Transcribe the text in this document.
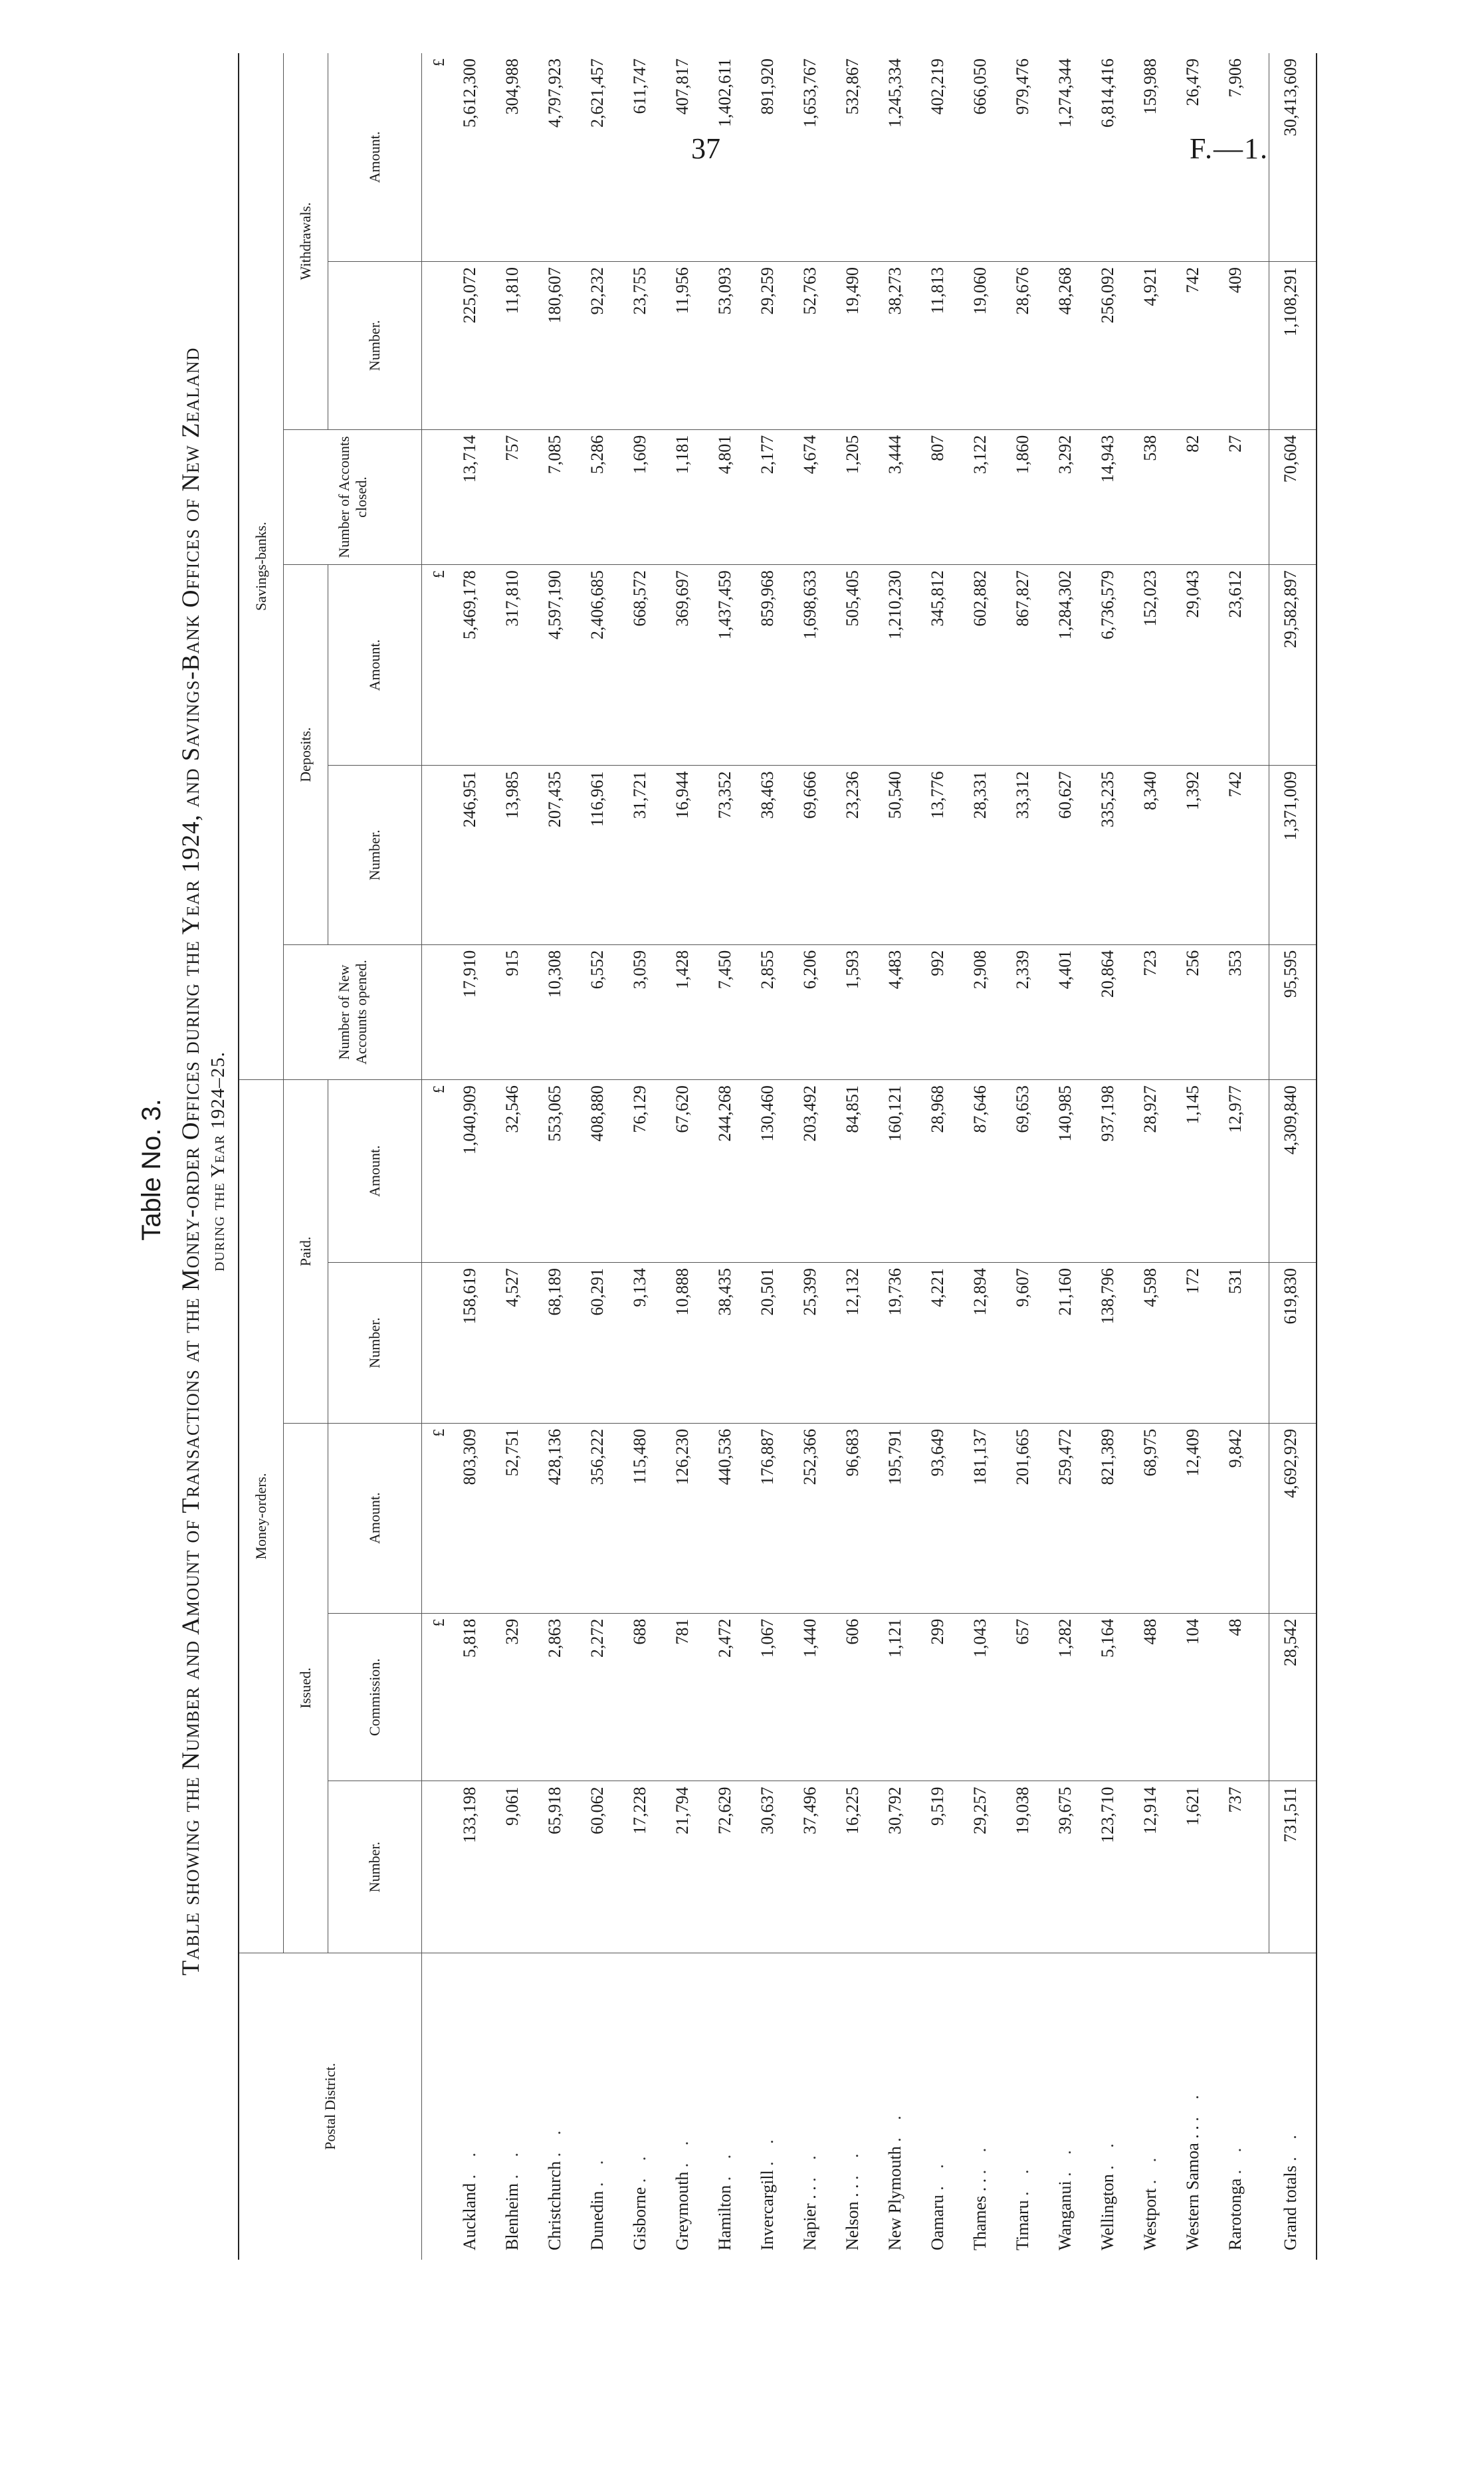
37	F.—1.
Table No. 3. Table showing the Number and Amount of Transactions at the Money-order Offices during the Year 1924, and Savings-Bank Offices of New Zealand during the Year 1924–25.
Postal District.	Money-orders.					Savings-banks.					
	Issued.			Paid.		Number of New Accounts opened.	Deposits.		Number of Accounts closed.	Withdrawals.	
	Number.	Commission.	Amount.	Number.	Amount.		Number.	Amount.		Number.	Amount.
		£	£		£			£			£
Auckland . .	133,198	5,818	803,309	158,619	1,040,909	17,910	246,951	5,469,178	13,714	225,072	5,612,300
Blenheim . .	9,061	329	52,751	4,527	32,546	915	13,985	317,810	757	11,810	304,988
Christchurch . .	65,918	2,863	428,136	68,189	553,065	10,308	207,435	4,597,190	7,085	180,607	4,797,923
Dunedin . .	60,062	2,272	356,222	60,291	408,880	6,552	116,961	2,406,685	5,286	92,232	2,621,457
Gisborne . .	17,228	688	115,480	9,134	76,129	3,059	31,721	668,572	1,609	23,755	611,747
Greymouth . .	21,794	781	126,230	10,888	67,620	1,428	16,944	369,697	1,181	11,956	407,817
Hamilton . .	72,629	2,472	440,536	38,435	244,268	7,450	73,352	1,437,459	4,801	53,093	1,402,611
Invercargill . .	30,637	1,067	176,887	20,501	130,460	2,855	38,463	859,968	2,177	29,259	891,920
Napier . . . .	37,496	1,440	252,366	25,399	203,492	6,206	69,666	1,698,633	4,674	52,763	1,653,767
Nelson . . . .	16,225	606	96,683	12,132	84,851	1,593	23,236	505,405	1,205	19,490	532,867
New Plymouth . .	30,792	1,121	195,791	19,736	160,121	4,483	50,540	1,210,230	3,444	38,273	1,245,334
Oamaru . .	9,519	299	93,649	4,221	28,968	992	13,776	345,812	807	11,813	402,219
Thames . . . .	29,257	1,043	181,137	12,894	87,646	2,908	28,331	602,882	3,122	19,060	666,050
Timaru . .	19,038	657	201,665	9,607	69,653	2,339	33,312	867,827	1,860	28,676	979,476
Wanganui . .	39,675	1,282	259,472	21,160	140,985	4,401	60,627	1,284,302	3,292	48,268	1,274,344
Wellington . .	123,710	5,164	821,389	138,796	937,198	20,864	335,235	6,736,579	14,943	256,092	6,814,416
Westport . .	12,914	488	68,975	4,598	28,927	723	8,340	152,023	538	4,921	159,988
Western Samoa . . . .	1,621	104	12,409	172	1,145	256	1,392	29,043	82	742	26,479
Rarotonga . .	737	48	9,842	531	12,977	353	742	23,612	27	409	7,906

Grand totals . .	731,511	28,542	4,692,929	619,830	4,309,840	95,595	1,371,009	29,582,897	70,604	1,108,291	30,413,609
